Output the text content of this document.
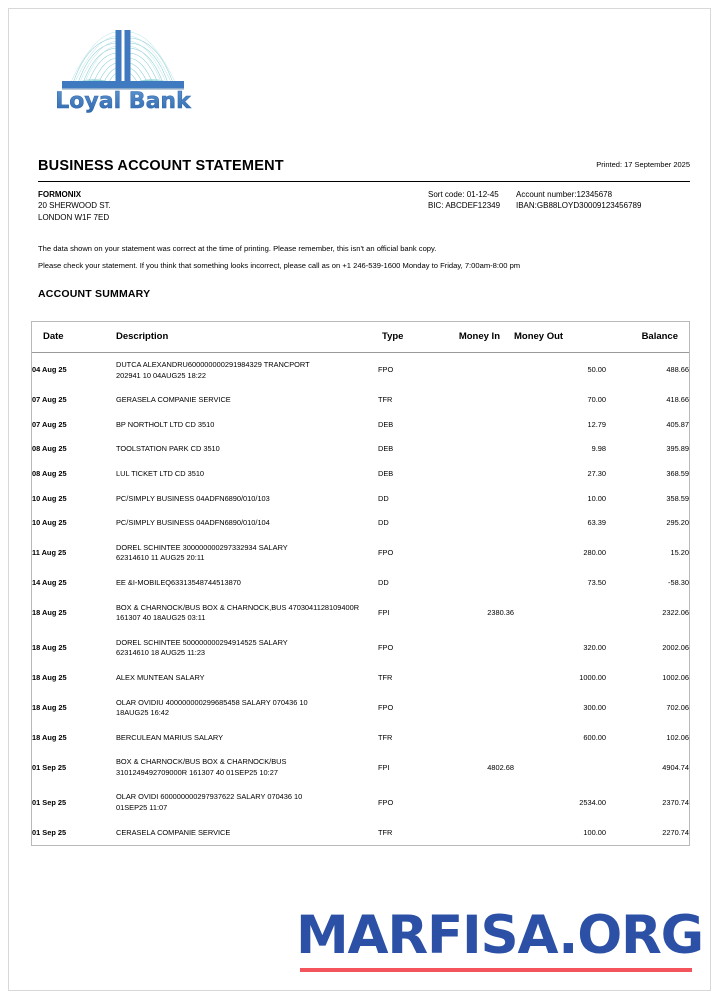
Loyal Bank
BUSINESS ACCOUNT STATEMENT	Printed: 17 September 2025
FORMONIX
20 SHERWOOD ST.
LONDON W1F 7ED
Sort code: 01-12-45 Account number:12345678
BIC: ABCDEF12349 IBAN:GB88LOYD30009123456789

The data shown on your statement was correct at the time of printing. Please remember, this isn't an official bank copy.

Please check your statement. If you think that something looks incorrect, please call as on +1 246-539-1600 Monday to Friday, 7:00am-8:00 pm

ACCOUNT SUMMARY
Date	Description	Type	Money In	Money Out	Balance
04 Aug 25	DUTCA ALEXANDRU600000000291984329 TRANCPORT
202941 10 04AUG25 18:22	FPO		50.00	488.66
07 Aug 25	GERASELA COMPANIE SERVICE	TFR		70.00	418.66
07 Aug 25	BP NORTHOLT LTD CD 3510	DEB		12.79	405.87
08 Aug 25	TOOLSTATION PARK CD 3510	DEB		9.98	395.89
08 Aug 25	LUL TICKET LTD CD 3510	DEB		27.30	368.59
10 Aug 25	PC/SIMPLY BUSINESS 04ADFN6890/010/103	DD		10.00	358.59
10 Aug 25	PC/SIMPLY BUSINESS 04ADFN6890/010/104	DD		63.39	295.20
11 Aug 25	DOREL SCHINTEE 300000000297332934 SALARY
62314610 11 AUG25 20:11	FPO		280.00	15.20
14 Aug 25	EE &I-MOBILEQ63313548744513870	DD		73.50	-58.30
18 Aug 25	BOX & CHARNOCK/BUS BOX & CHARNOCK,BUS 4703041128109400R
161307 40 18AUG25 03:11	FPI	2380.36		2322.06
18 Aug 25	DOREL SCHINTEE 500000000294914525 SALARY
62314610 18 AUG25 11:23	FPO		320.00	2002.06
18 Aug 25	ALEX MUNTEAN SALARY	TFR		1000.00	1002.06
18 Aug 25	OLAR OVIDIU 400000000299685458 SALARY 070436 10
18AUG25 16:42	FPO		300.00	702.06
18 Aug 25	BERCULEAN MARIUS SALARY	TFR		600.00	102.06
01 Sep 25	BOX & CHARNOCK/BUS BOX & CHARNOCK/BUS
3101249492709000R 161307 40 01SEP25 10:27	FPI	4802.68		4904.74
01 Sep 25	OLAR OVIDI 600000000297937622 SALARY 070436 10
01SEP25 11:07	FPO		2534.00	2370.74
01 Sep 25	CERASELA COMPANIE SERVICE	TFR		100.00	2270.74
MARFISA.ORG
